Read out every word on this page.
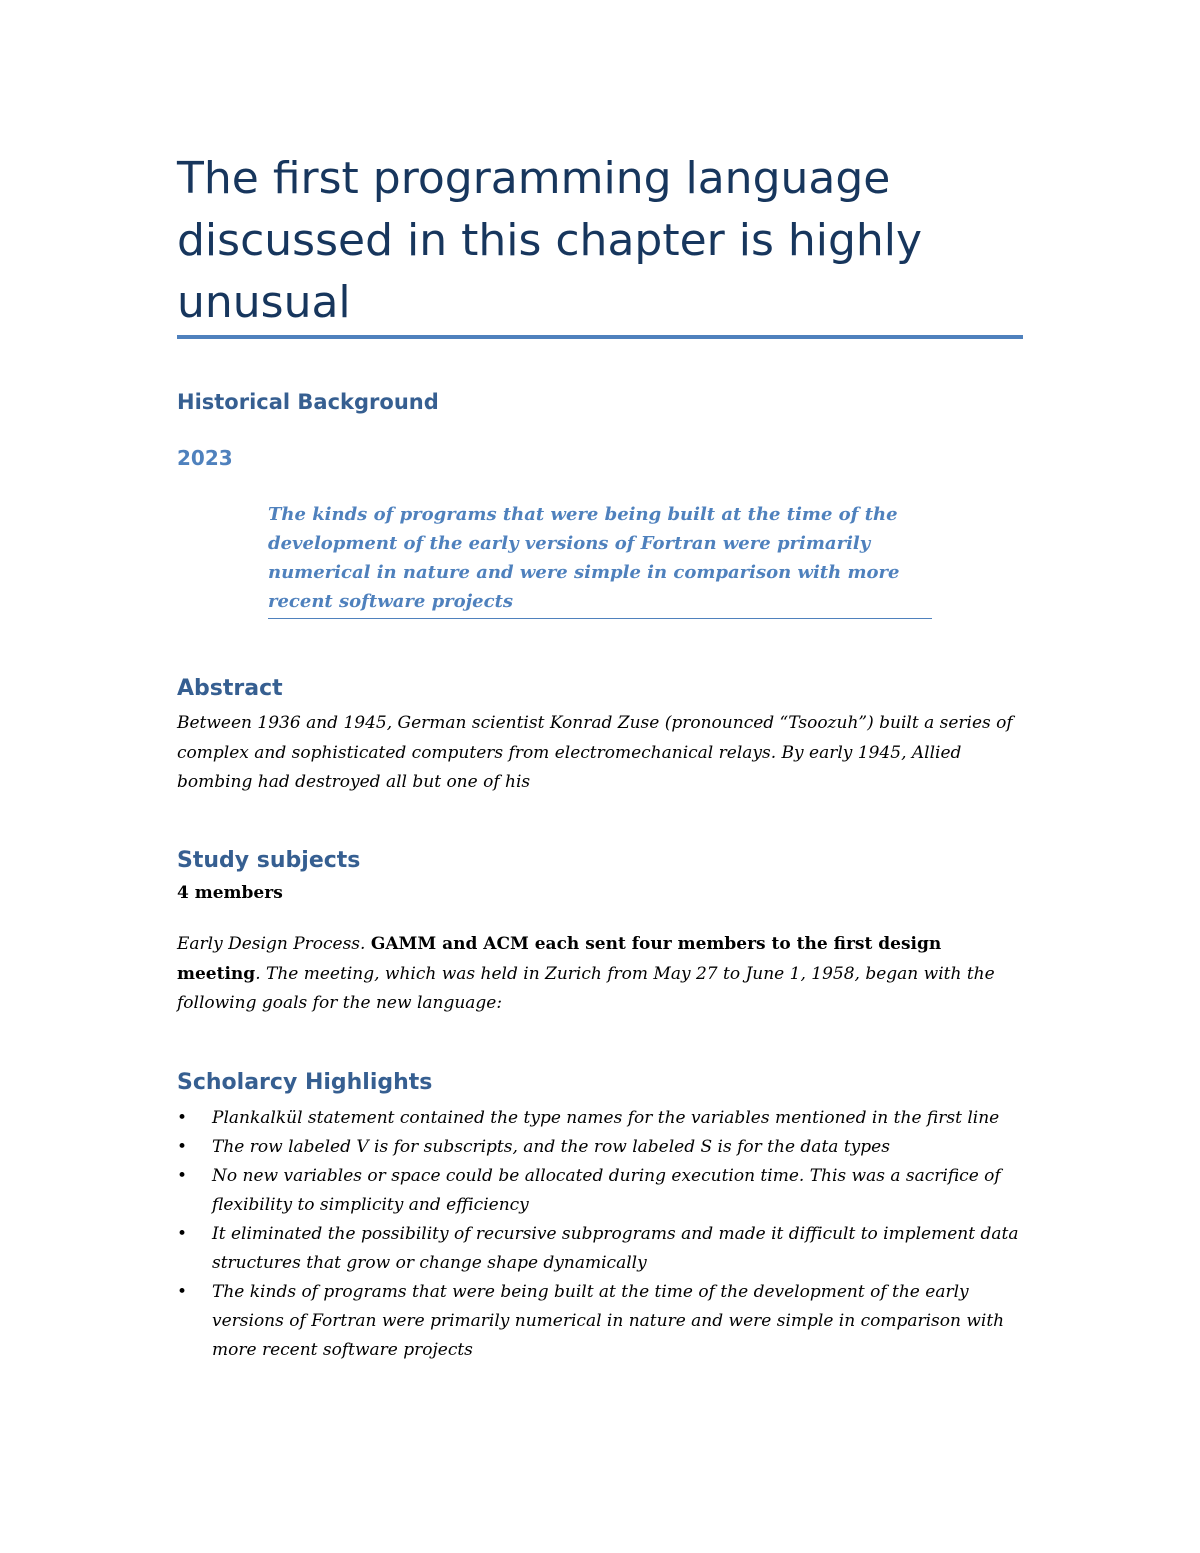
The first programming language discussed in this chapter is highly unusual
Historical Background
2023

The kinds of programs that were being built at the time of the development of the early versions of Fortran were primarily numerical in nature and were simple in comparison with more recent software projects

Abstract

Between 1936 and 1945, German scientist Konrad Zuse (pronounced “Tsoozuh”) built a series of complex and sophisticated computers from electromechanical relays. By early 1945, Allied bombing had destroyed all but one of his

Study subjects

4 members

Early Design Process. GAMM and ACM each sent four members to the first design meeting. The meeting, which was held in Zurich from May 27 to June 1, 1958, began with the following goals for the new language:

Scholarcy Highlights
• Plankalkül statement contained the type names for the variables mentioned in the first line
• The row labeled V is for subscripts, and the row labeled S is for the data types
• No new variables or space could be allocated during execution time. This was a sacrifice of flexibility to simplicity and efficiency
• It eliminated the possibility of recursive subprograms and made it difficult to implement data structures that grow or change shape dynamically
• The kinds of programs that were being built at the time of the development of the early versions of Fortran were primarily numerical in nature and were simple in comparison with more recent software projects
